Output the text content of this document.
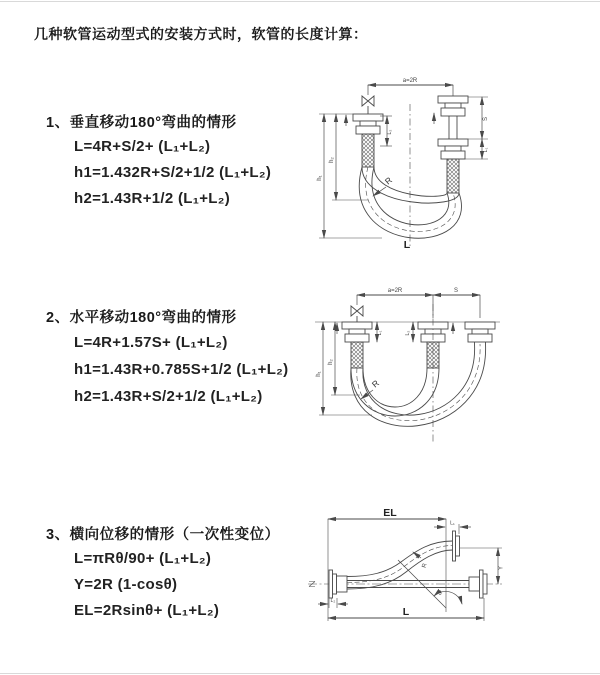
几种软管运动型式的安装方式时，软管的长度计算：
1、垂直移动180°弯曲的情形
L=4R+S/2+ (L₁+L₂)
h1=1.432R+S/2+1/2 (L₁+L₂)
h2=1.43R+1/2 (L₁+L₂)
2、水平移动180°弯曲的情形
L=4R+1.57S+ (L₁+L₂)
h1=1.43R+0.785S+1/2 (L₁+L₂)
h2=1.43R+S/2+1/2 (L₁+L₂)
3、横向位移的情形（一次性变位）
L=πRθ/90+ (L₁+L₂)
Y=2R (1-cosθ)
EL=2Rsinθ+ (L₁+L₂)
a=2R
L₂
S
L₁
h₁
h₂
R
L
a=2R	S
L₁	L₂
h₁
h₂
R
EL
L₁
Y
R
θ
L₂
L
